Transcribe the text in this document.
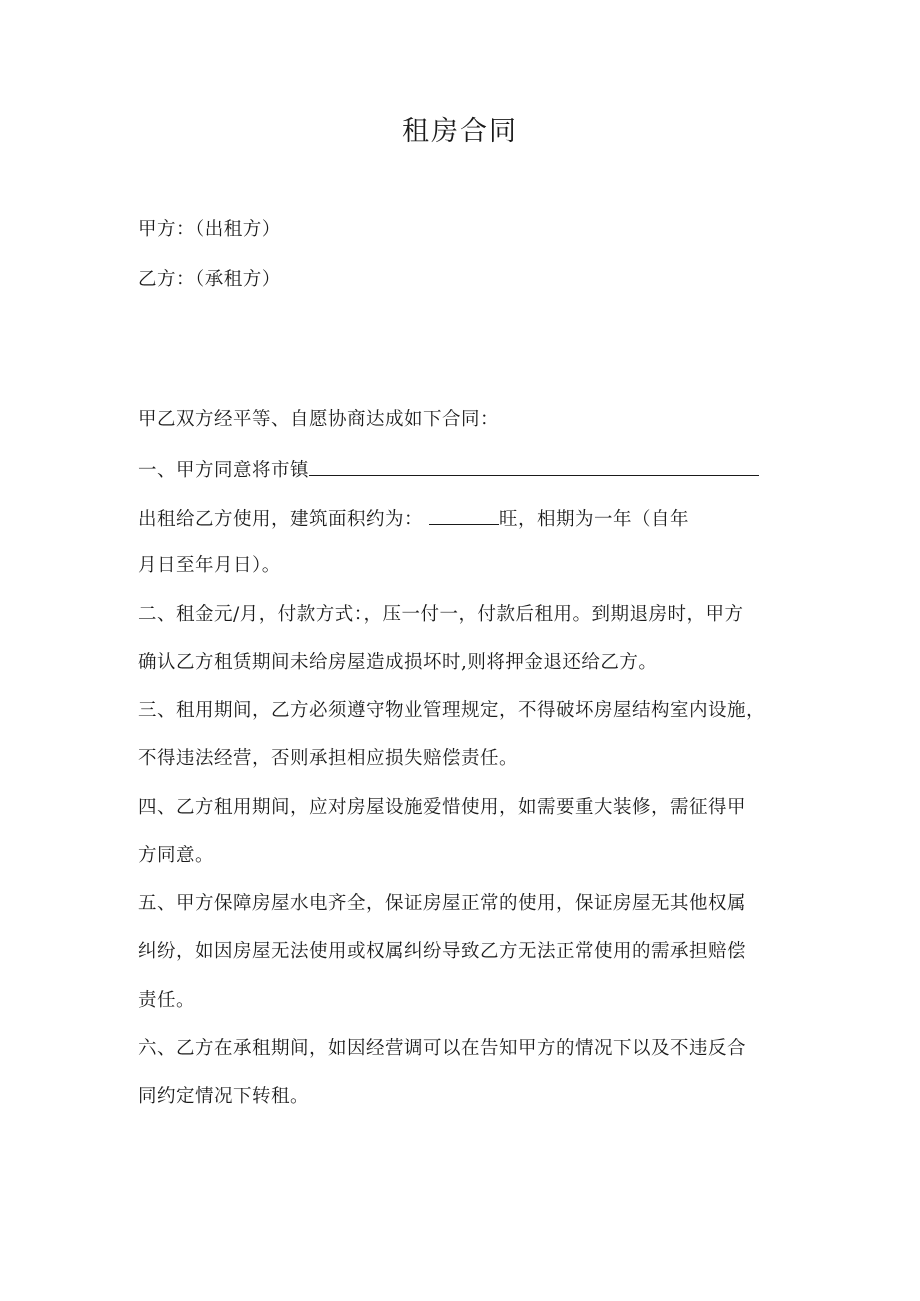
租房合同
甲方：（出租方）
乙方：（承租方）
甲乙双方经平等、自愿协商达成如下合同：
一、甲方同意将市镇
出租给乙方使用，建筑面积约为：	旺，相期为一年（自年
月日至年月日）。
二、租金元/月，付款方式：，压一付一，付款后租用。到期退房时，甲方
确认乙方租赁期间未给房屋造成损坏时,则将押金退还给乙方。
三、租用期间，乙方必须遵守物业管理规定，不得破坏房屋结构室内设施，
不得违法经营，否则承担相应损失赔偿责任。
四、乙方租用期间，应对房屋设施爱惜使用，如需要重大装修，需征得甲
方同意。
五、甲方保障房屋水电齐全，保证房屋正常的使用，保证房屋无其他权属
纠纷，如因房屋无法使用或权属纠纷导致乙方无法正常使用的需承担赔偿
责任。
六、乙方在承租期间，如因经营调可以在告知甲方的情况下以及不违反合
同约定情况下转租。
